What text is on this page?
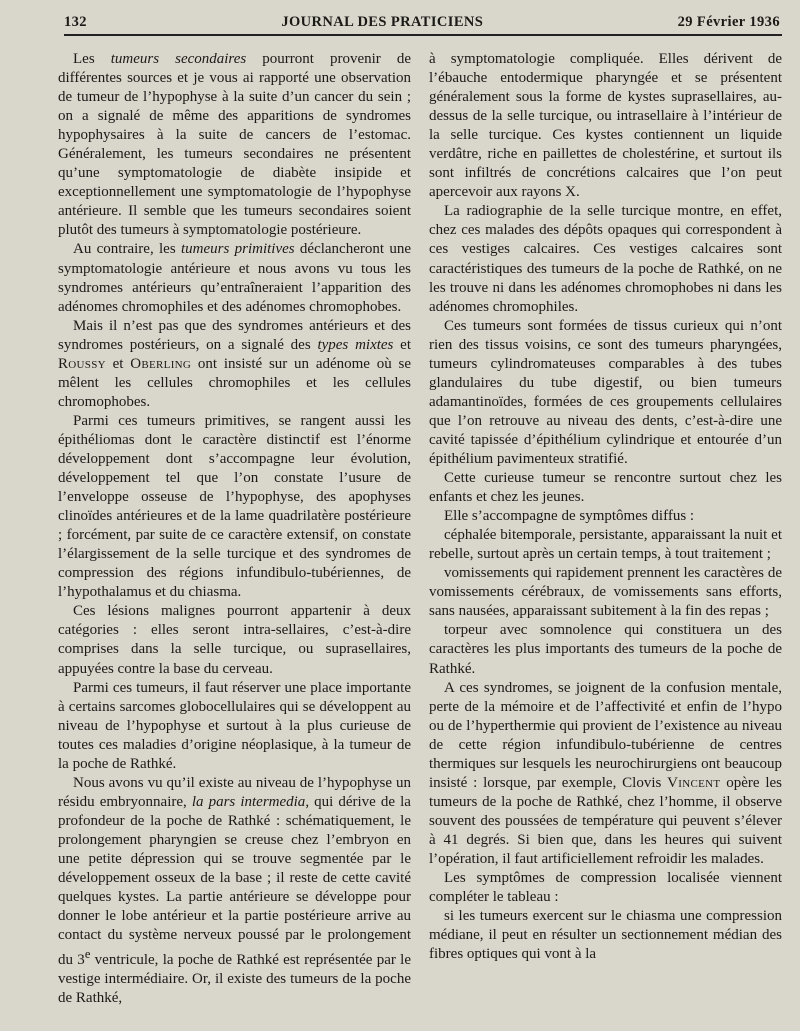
132	JOURNAL DES PRATICIENS	29 Février 1936

Les tumeurs secondaires pourront provenir de différentes sources et je vous ai rapporté une observation de tumeur de l’hypophyse à la suite d’un cancer du sein ; on a signalé de même des apparitions de syndromes hypophysaires à la suite de cancers de l’estomac. Généralement, les tumeurs secondaires ne présentent qu’une symptomatologie de diabète insipide et exceptionnellement une symptomatologie de l’hypophyse antérieure. Il semble que les tumeurs secondaires soient plutôt des tumeurs à symptomatologie postérieure.

Au contraire, les tumeurs primitives déclancheront une symptomatologie antérieure et nous avons vu tous les syndromes antérieurs qu’entraîneraient l’apparition des adénomes chromophiles et des adénomes chromophobes.

Mais il n’est pas que des syndromes antérieurs et des syndromes postérieurs, on a signalé des types mixtes et Roussy et Oberling ont insisté sur un adénome où se mêlent les cellules chromophiles et les cellules chromophobes.

Parmi ces tumeurs primitives, se rangent aussi les épithéliomas dont le caractère distinctif est l’énorme développement dont s’accompagne leur évolution, développement tel que l’on constate l’usure de l’enveloppe osseuse de l’hypophyse, des apophyses clinoïdes antérieures et de la lame quadrilatère postérieure ; forcément, par suite de ce caractère extensif, on constate l’élargissement de la selle turcique et des syndromes de compression des régions infundibulo-tubériennes, de l’hypothalamus et du chiasma.

Ces lésions malignes pourront appartenir à deux catégories : elles seront intra-sellaires, c’est-à-dire comprises dans la selle turcique, ou suprasellaires, appuyées contre la base du cerveau.

Parmi ces tumeurs, il faut réserver une place importante à certains sarcomes globocellulaires qui se développent au niveau de l’hypophyse et surtout à la plus curieuse de toutes ces maladies d’origine néoplasique, à la tumeur de la poche de Rathké.

Nous avons vu qu’il existe au niveau de l’hypophyse un résidu embryonnaire, la pars intermedia, qui dérive de la profondeur de la poche de Rathké : schématiquement, le prolongement pharyngien se creuse chez l’embryon en une petite dépression qui se trouve segmentée par le développement osseux de la base ; il reste de cette cavité quelques kystes. La partie antérieure se développe pour donner le lobe antérieur et la partie postérieure arrive au contact du système nerveux poussé par le prolongement du 3e ventricule, la poche de Rathké est représentée par le vestige intermédiaire. Or, il existe des tumeurs de la poche de Rathké,

à symptomatologie compliquée. Elles dérivent de l’ébauche entodermique pharyngée et se présentent généralement sous la forme de kystes suprasellaires, au-dessus de la selle turcique, ou intrasellaire à l’intérieur de la selle turcique. Ces kystes contiennent un liquide verdâtre, riche en paillettes de cholestérine, et surtout ils sont infiltrés de concrétions calcaires que l’on peut apercevoir aux rayons X.

La radiographie de la selle turcique montre, en effet, chez ces malades des dépôts opaques qui correspondent à ces vestiges calcaires. Ces vestiges calcaires sont caractéristiques des tumeurs de la poche de Rathké, on ne les trouve ni dans les adénomes chromophobes ni dans les adénomes chromophiles.

Ces tumeurs sont formées de tissus curieux qui n’ont rien des tissus voisins, ce sont des tumeurs pharyngées, tumeurs cylindromateuses comparables à des tubes glandulaires du tube digestif, ou bien tumeurs adamantinoïdes, formées de ces groupements cellulaires que l’on retrouve au niveau des dents, c’est-à-dire une cavité tapissée d’épithélium cylindrique et entourée d’un épithélium pavimenteux stratifié.

Cette curieuse tumeur se rencontre surtout chez les enfants et chez les jeunes.

Elle s’accompagne de symptômes diffus :

céphalée bitemporale, persistante, apparaissant la nuit et rebelle, surtout après un certain temps, à tout traitement ;

vomissements qui rapidement prennent les caractères de vomissements cérébraux, de vomissements sans efforts, sans nausées, apparaissant subitement à la fin des repas ;

torpeur avec somnolence qui constituera un des caractères les plus importants des tumeurs de la poche de Rathké.

A ces syndromes, se joignent de la confusion mentale, perte de la mémoire et de l’affectivité et enfin de l’hypo ou de l’hyperthermie qui provient de l’existence au niveau de cette région infundibulo-tubérienne de centres thermiques sur lesquels les neurochirurgiens ont beaucoup insisté : lorsque, par exemple, Clovis Vincent opère les tumeurs de la poche de Rathké, chez l’homme, il observe souvent des poussées de température qui peuvent s’élever à 41 degrés. Si bien que, dans les heures qui suivent l’opération, il faut artificiellement refroidir les malades.

Les symptômes de compression localisée viennent compléter le tableau :

si les tumeurs exercent sur le chiasma une compression médiane, il peut en résulter un sectionnement médian des fibres optiques qui vont à la
